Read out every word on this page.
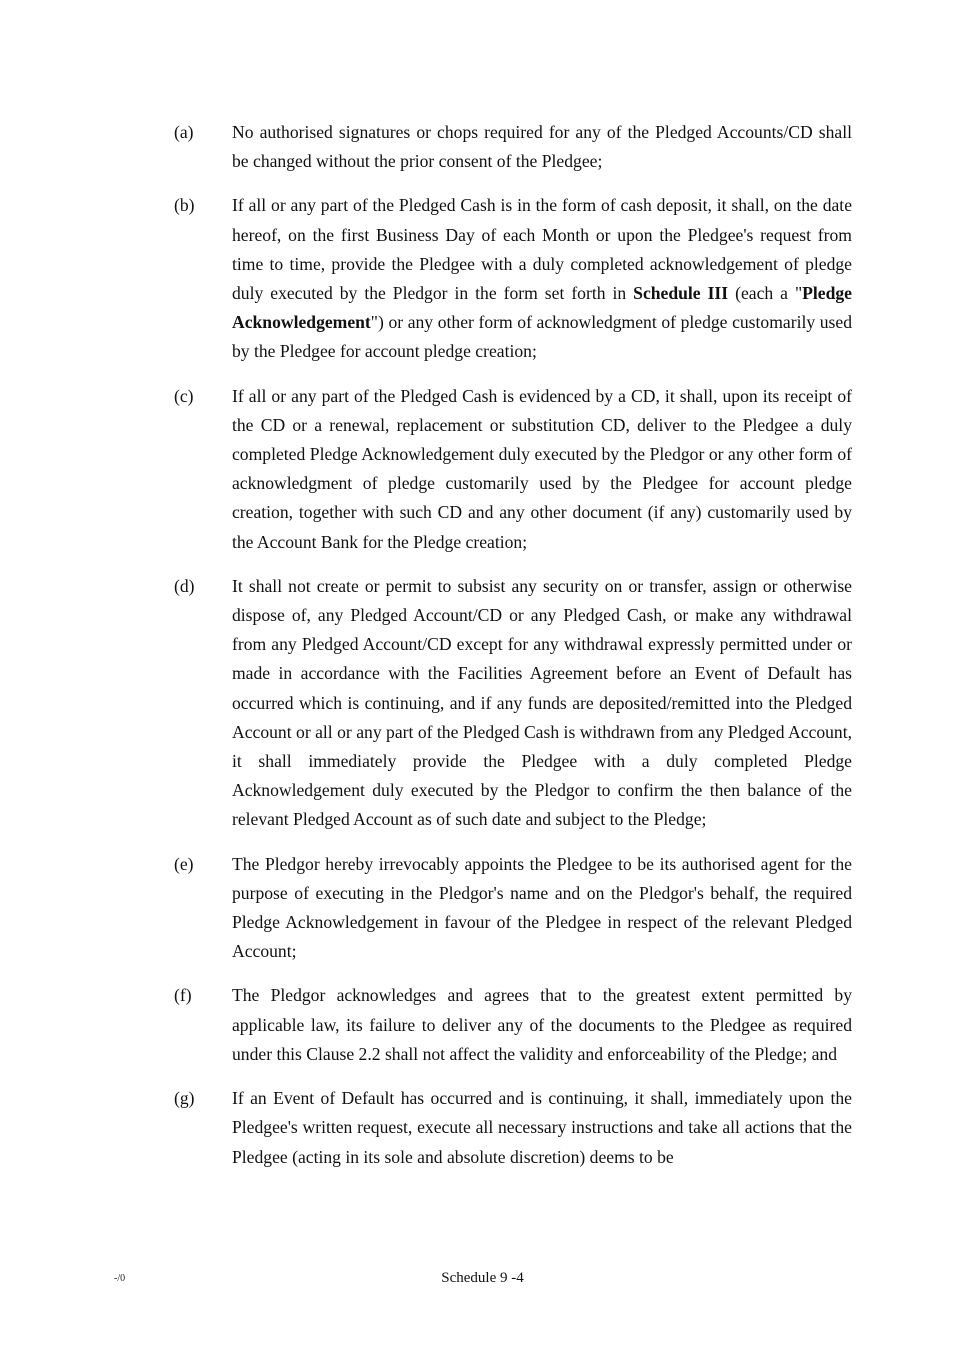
(a)	No authorised signatures or chops required for any of the Pledged Accounts/CD shall be changed without the prior consent of the Pledgee;
(b)	If all or any part of the Pledged Cash is in the form of cash deposit, it shall, on the date hereof, on the first Business Day of each Month or upon the Pledgee's request from time to time, provide the Pledgee with a duly completed acknowledgement of pledge duly executed by the Pledgor in the form set forth in Schedule III (each a "Pledge Acknowledgement") or any other form of acknowledgment of pledge customarily used by the Pledgee for account pledge creation;
(c)	If all or any part of the Pledged Cash is evidenced by a CD, it shall, upon its receipt of the CD or a renewal, replacement or substitution CD, deliver to the Pledgee a duly completed Pledge Acknowledgement duly executed by the Pledgor or any other form of acknowledgment of pledge customarily used by the Pledgee for account pledge creation, together with such CD and any other document (if any) customarily used by the Account Bank for the Pledge creation;
(d)	It shall not create or permit to subsist any security on or transfer, assign or otherwise dispose of, any Pledged Account/CD or any Pledged Cash, or make any withdrawal from any Pledged Account/CD except for any withdrawal expressly permitted under or made in accordance with the Facilities Agreement before an Event of Default has occurred which is continuing, and if any funds are deposited/remitted into the Pledged Account or all or any part of the Pledged Cash is withdrawn from any Pledged Account, it shall immediately provide the Pledgee with a duly completed Pledge Acknowledgement duly executed by the Pledgor to confirm the then balance of the relevant Pledged Account as of such date and subject to the Pledge;
(e)	The Pledgor hereby irrevocably appoints the Pledgee to be its authorised agent for the purpose of executing in the Pledgor's name and on the Pledgor's behalf, the required Pledge Acknowledgement in favour of the Pledgee in respect of the relevant Pledged Account;
(f)	The Pledgor acknowledges and agrees that to the greatest extent permitted by applicable law, its failure to deliver any of the documents to the Pledgee as required under this Clause 2.2 shall not affect the validity and enforceability of the Pledge; and
(g)	If an Event of Default has occurred and is continuing, it shall, immediately upon the Pledgee's written request, execute all necessary instructions and take all actions that the Pledgee (acting in its sole and absolute discretion) deems to be
-/0	Schedule 9 -4
